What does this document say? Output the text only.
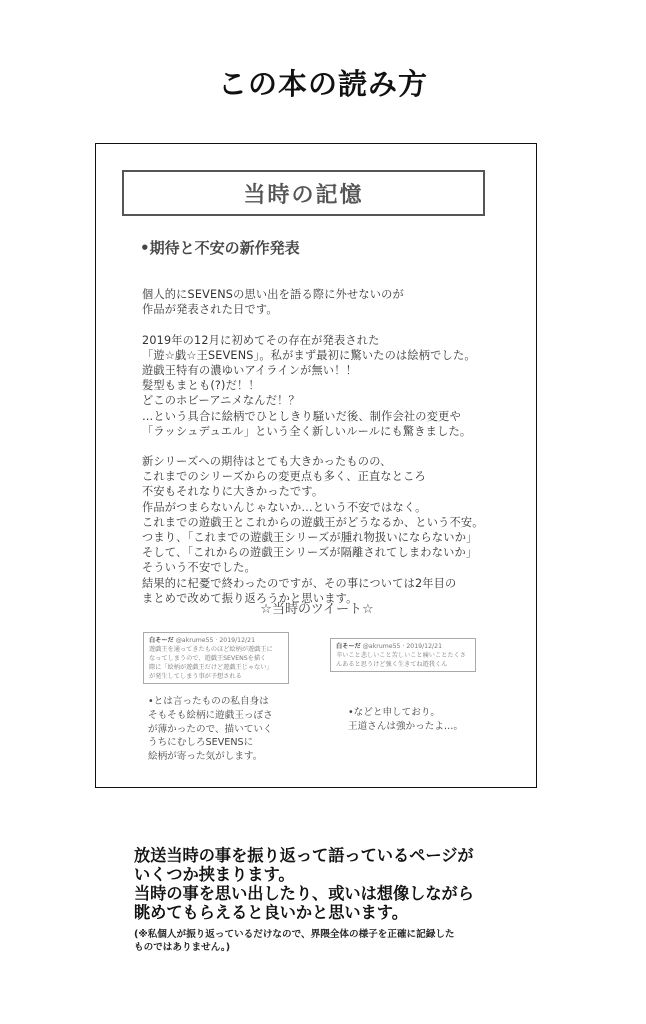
この本の読み方
当時の記憶
•期待と不安の新作発表
個人的にSEVENSの思い出を語る際に外せないのが
作品が発表された日です。
2019年の12月に初めてその存在が発表された
「遊☆戯☆王SEVENS」。私がまず最初に驚いたのは絵柄でした。
遊戯王特有の濃ゆいアイラインが無い！！
髪型もまとも(?)だ！！
どこのホビーアニメなんだ！？
…という具合に絵柄でひとしきり騒いだ後、制作会社の変更や
「ラッシュデュエル」という全く新しいルールにも驚きました。
新シリーズへの期待はとても大きかったものの、
これまでのシリーズからの変更点も多く、正直なところ
不安もそれなりに大きかったです。
作品がつまらないんじゃないか…という不安ではなく。
これまでの遊戯王とこれからの遊戯王がどうなるか、という不安。
つまり、「これまでの遊戯王シリーズが腫れ物扱いにならないか」
そして、「これからの遊戯王シリーズが隔離されてしまわないか」
そういう不安でした。
結果的に杞憂で終わったのですが、その事については2年目の
まとめで改めて振り返ろうかと思います。
☆当時のツイート☆
白そーだ @akrume55 · 2019/12/21
遊戯王を通ってきたものほど絵柄が遊戯王に
なってしまうので、遊戯王SEVENSを描く
際に「絵柄が遊戯王だけど遊戯王じゃない」
が発生してしまう事が予想される
白そーだ @akrume55 · 2019/12/21
辛いこと悲しいこと苦しいこと痛いことたくさんあると思うけど強く生きてね遊我くん
•とは言ったものの私自身は
そもそも絵柄に遊戯王っぽさ
が薄かったので、描いていく
うちにむしろSEVENSに
絵柄が寄った気がします。
•などと申しており。
王道さんは強かったよ…。
放送当時の事を振り返って語っているページが
いくつか挟まります。
当時の事を思い出したり、或いは想像しながら
眺めてもらえると良いかと思います。
(※私個人が振り返っているだけなので、界隈全体の様子を正確に記録した
ものではありません。)
